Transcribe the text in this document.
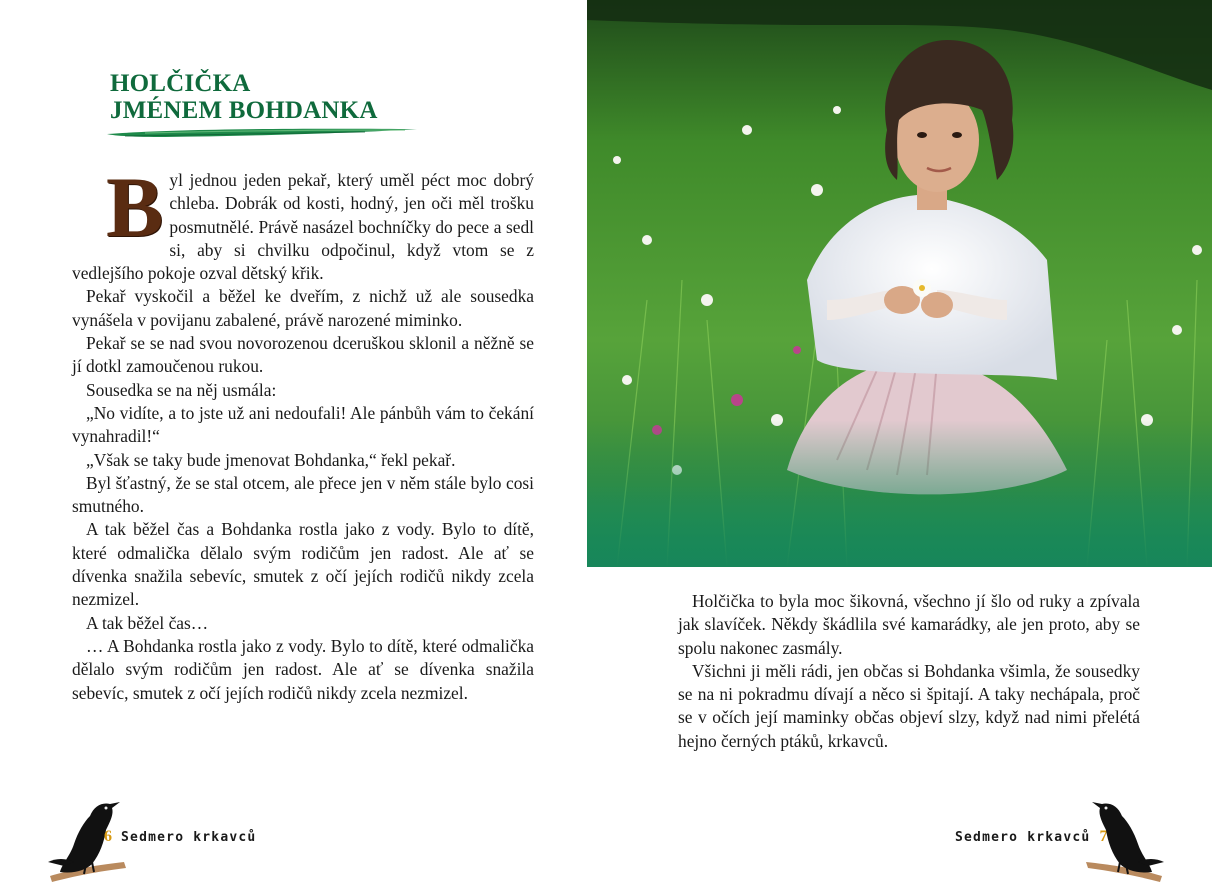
HOLČIČKA
JMÉNEM BOHDANKA

Byl jednou jeden pekař, který uměl péct moc dobrý chleba. Dobrák od kosti, hodný, jen oči měl trošku posmutnělé. Právě nasázel bochníčky do pece a sedl si, aby si chvilku odpočinul, když vtom se z vedlejšího pokoje ozval dětský křik.

Pekař vyskočil a běžel ke dveřím, z nichž už ale sousedka vynášela v povijanu zabalené, právě narozené miminko.

Pekař se se nad svou novorozenou dceruškou sklonil a něžně se jí dotkl zamoučenou rukou.

Sousedka se na něj usmála:

„No vidíte, a to jste už ani nedoufali! Ale pánbůh vám to čekání vynahradil!“

„Však se taky bude jmenovat Bohdanka,“ řekl pekař.

Byl šťastný, že se stal otcem, ale přece jen v něm stále bylo cosi smutného.

A tak běžel čas a Bohdanka rostla jako z vody. Bylo to dítě, které odmalička dělalo svým rodičům jen radost. Ale ať se dívenka snažila sebevíc, smutek z očí jejích rodičů nikdy zcela nezmizel.

A tak běžel čas…

… A Bohdanka rostla jako z vody. Bylo to dítě, které odmalička dělalo svým rodičům jen radost. Ale ať se dívenka snažila sebevíc, smutek z očí jejích rodičů nikdy zcela nezmizel.

6 Sedmero krkavců

Holčička to byla moc šikovná, všechno jí šlo od ruky a zpívala jak slavíček. Někdy škádlila své kamarádky, ale jen proto, aby se spolu nakonec zasmály.

Všichni ji měli rádi, jen občas si Bohdanka všimla, že sousedky se na ni pokradmu dívají a něco si špitají. A taky nechápala, proč se v očích její maminky občas objeví slzy, když nad nimi přelétá hejno černých ptáků, krkavců.

Sedmero krkavců 7
